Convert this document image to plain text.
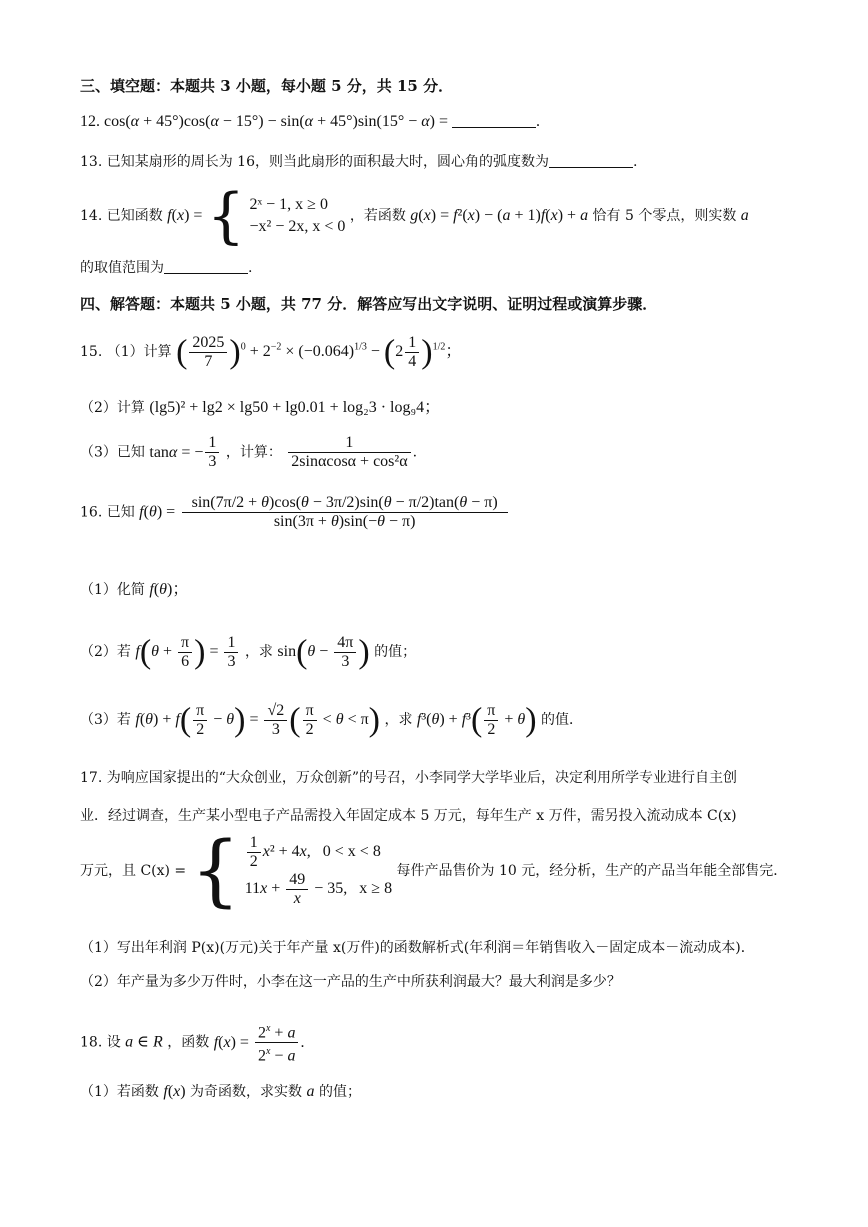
三、填空题：本题共 3 小题，每小题 5 分，共 15 分．
12. cos(α + 45°)cos(α − 15°) − sin(α + 45°)sin(15° − α) =	.
13. 已知某扇形的周长为 16，则当此扇形的面积最大时，圆心角的弧度数为	.
14. 已知函数 f(x) = { 2ˣ − 1, x ≥ 0
−x² − 2x, x < 0
，若函数 g(x) = f²(x) − (a + 1)f(x) + a 恰有 5 个零点，则实数 a
的取值范围为	.
四、解答题：本题共 5 小题，共 77 分．解答应写出文字说明、证明过程或演算步骤．
15. （1）计算 ( $\frac{2025}{7} )^0 + 2^{-2} \times (-0.064)^{1/3} - (2 \frac{1}{4} )^{1/2}$；
（2）计算 (lg5)² + lg2 × lg50 + lg0.01 + log₂3 · log₉4；
（3）已知 tanα = − $\frac{1}{3}$ ，计算： $\frac{1}{\text{2sinαcosα + cos²α}}$ .
16. 已知 $f(\theta) = \frac{\sin(7\pi/2 + \theta)\cos(\theta - 3\pi/2)\sin(\theta - \pi/2)\tan(\theta - \pi)}{\sin(3\pi + \theta)\sin(-\theta - \pi)}$
（1）化简 f(θ)；
（2）若 $f(\theta + \frac{\pi}{6}$ ) = $\frac{1}{3}$ ，求 $\sin(\theta - \frac{4\pi}{3}$ ) 的值；
（3）若 $f(\theta) + f( \frac{\pi}{2} - \theta) = \frac{√2}{3}$ ( $\frac{\pi}{2} < \theta < \pi$) ，求 $f^3(\theta) + f^3( \frac{\pi}{2} + \theta)$ 的值．
17. 为响应国家提出的“大众创业，万众创新”的号召，小李同学大学毕业后，决定利用所学专业进行自主创
业．经过调查，生产某小型电子产品需投入年固定成本 5 万元，每年生产 x 万件，需另投入流动成本 C(x)
万元，且 C(x) = { $\frac{1}{2} x^2 + 4x$,   0 < x < 8
$11x + \frac{49}{x} - 35$,   x ≥ 8
每件产品售价为 10 元，经分析，生产的产品当年能全部售完．
（1）写出年利润 P(x)(万元)关于年产量 x(万件)的函数解析式(年利润＝年销售收入－固定成本－流动成本)．
（2）年产量为多少万件时，小李在这一产品的生产中所获利润最大？最大利润是多少？
18. 设 a ∈ R ，函数 $f(x) = \frac{2^x + a}{2^x - a}$ .
（1）若函数 f(x) 为奇函数，求实数 a 的值；
